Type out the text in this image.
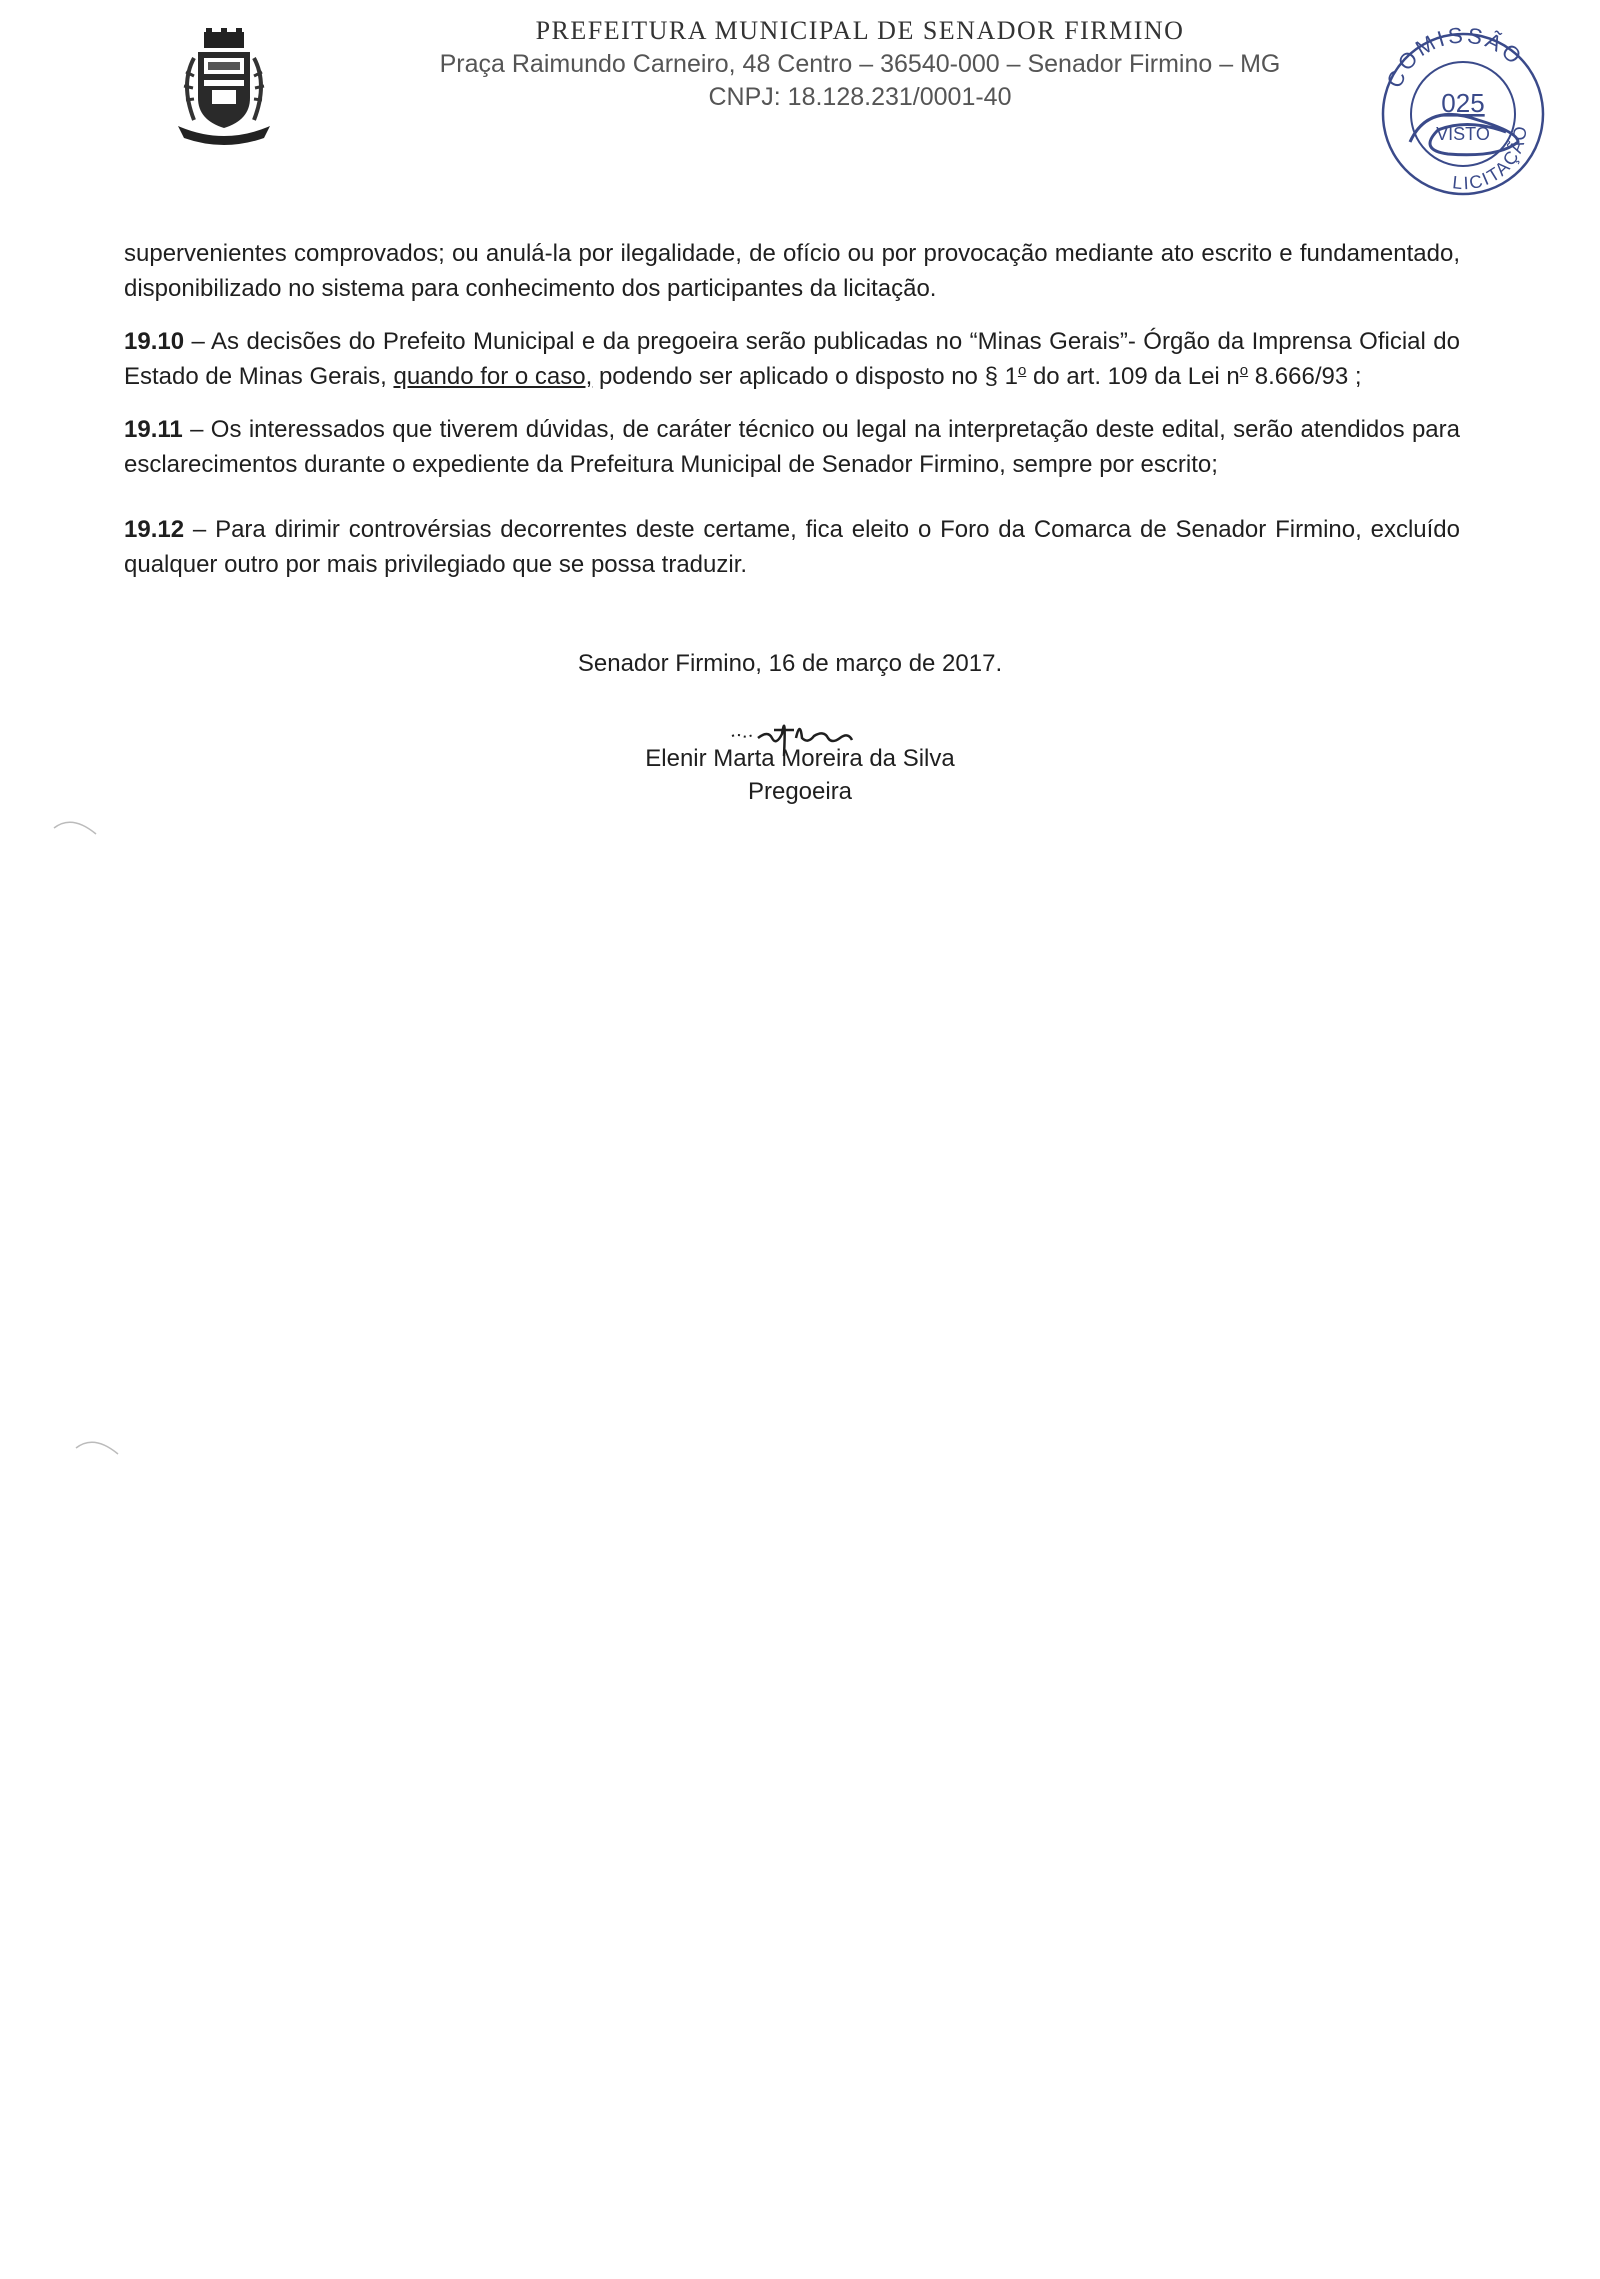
PREFEITURA MUNICIPAL DE SENADOR FIRMINO
Praça Raimundo Carneiro, 48 Centro – 36540-000 – Senador Firmino – MG
CNPJ: 18.128.231/0001-40
COMISSÃO
025
VISTO
LICITAÇÃO

supervenientes comprovados; ou anulá-la por ilegalidade, de ofício ou por provocação mediante ato escrito e fundamentado, disponibilizado no sistema para conhecimento dos participantes da licitação.

19.10 – As decisões do Prefeito Municipal e da pregoeira serão publicadas no “Minas Gerais”- Órgão da Imprensa Oficial do Estado de Minas Gerais, quando for o caso, podendo ser aplicado o disposto no § 1$^o$ do art. 109 da Lei $n^o$ 8.666/93 ;

19.11 – Os interessados que tiverem dúvidas, de caráter técnico ou legal na interpretação deste edital, serão atendidos para esclarecimentos durante o expediente da Prefeitura Municipal de Senador Firmino, sempre por escrito;

19.12 – Para dirimir controvérsias decorrentes deste certame, fica eleito o Foro da Comarca de Senador Firmino, excluído qualquer outro por mais privilegiado que se possa traduzir.

Senador Firmino, 16 de março de 2017.
Elenir Marta Moreira da Silva
Pregoeira
